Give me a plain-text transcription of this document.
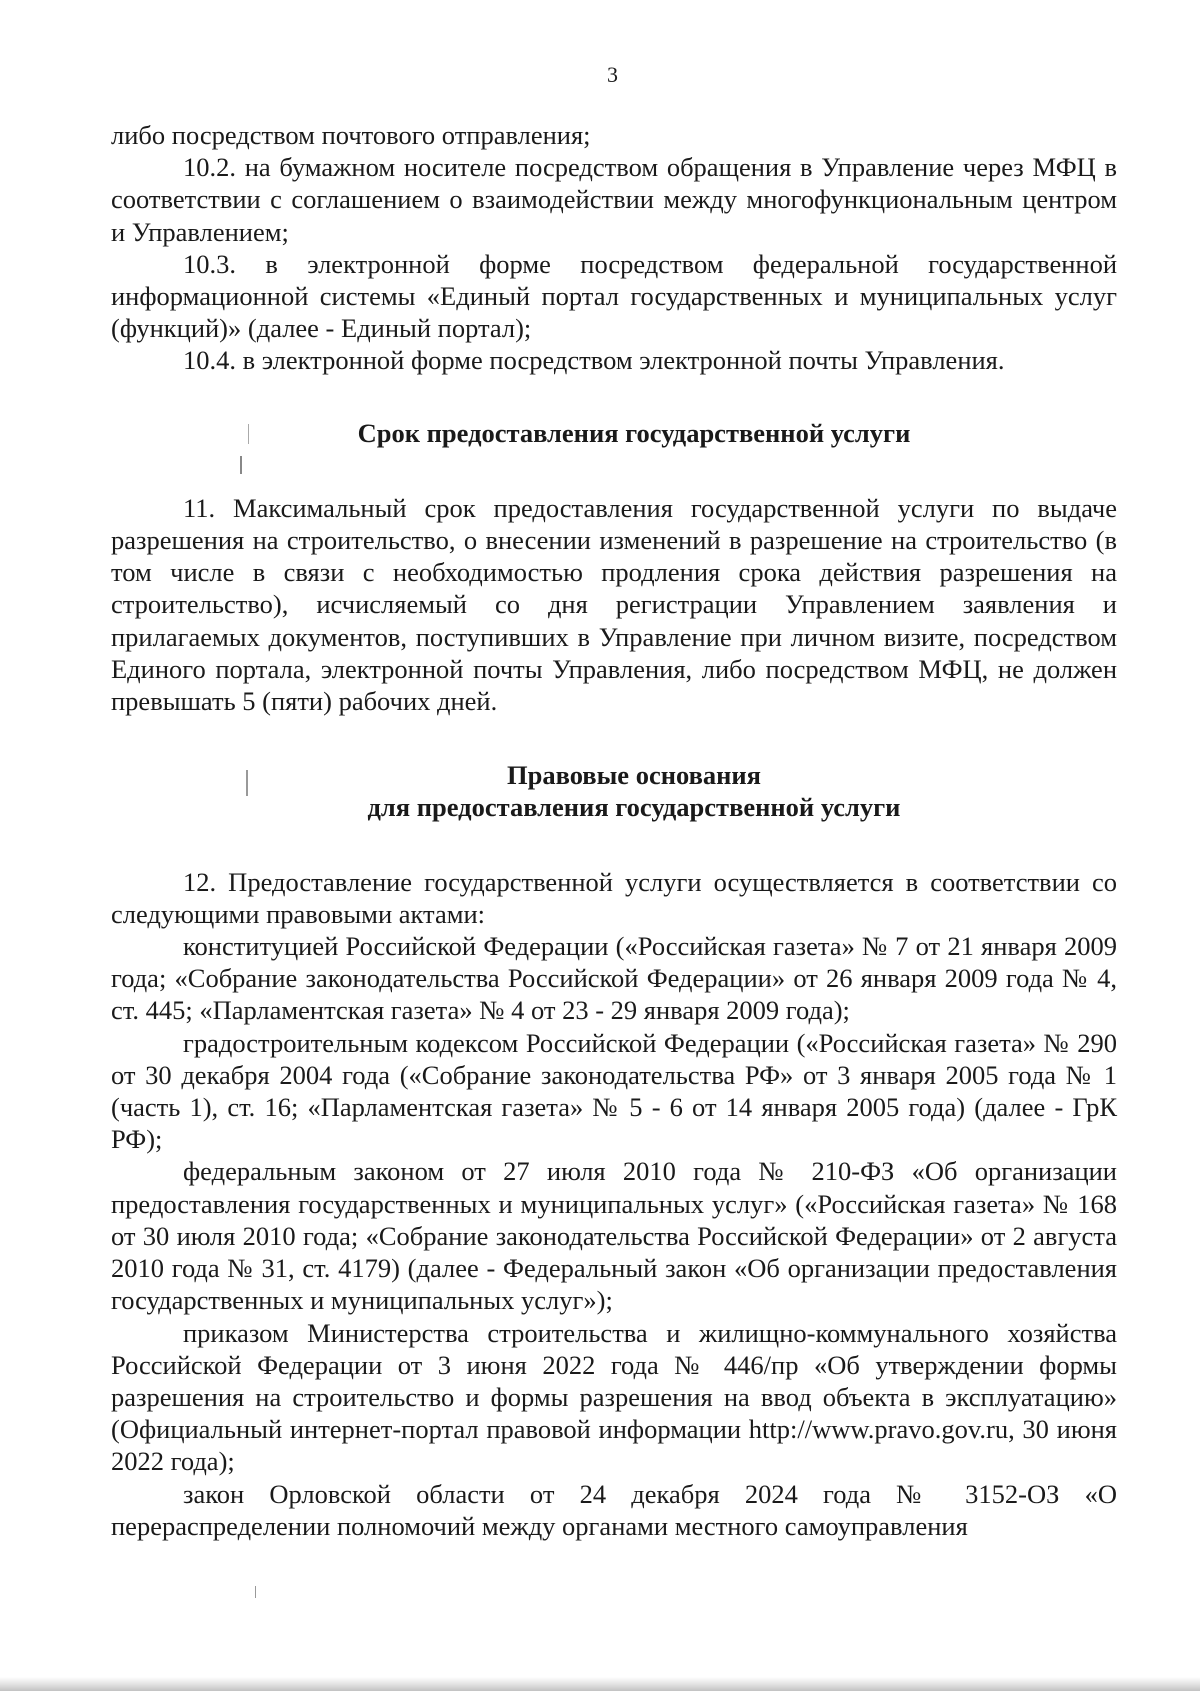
3

либо посредством почтового отправления;

10.2. на бумажном носителе посредством обращения в Управление через МФЦ в соответствии с соглашением о взаимодействии между многофункциональным центром и Управлением;

10.3. в электронной форме посредством федеральной государственной информационной системы «Единый портал государственных и муниципальных услуг (функций)» (далее - Единый портал);

10.4. в электронной форме посредством электронной почты Управления.

Срок предоставления государственной услуги

11. Максимальный срок предоставления государственной услуги по выдаче разрешения на строительство, о внесении изменений в разрешение на строительство (в том числе в связи с необходимостью продления срока действия разрешения на строительство), исчисляемый со дня регистрации Управлением заявления и прилагаемых документов, поступивших в Управление при личном визите, посредством Единого портала, электронной почты Управления, либо посредством МФЦ, не должен превышать 5 (пяти) рабочих дней.

Правовые основания

для предоставления государственной услуги

12. Предоставление государственной услуги осуществляется в соответствии со следующими правовыми актами:

конституцией Российской Федерации («Российская газета» № 7 от 21 января 2009 года; «Собрание законодательства Российской Федерации» от 26 января 2009 года № 4, ст. 445; «Парламентская газета» № 4 от 23 - 29 января 2009 года);

градостроительным кодексом Российской Федерации («Российская газета» № 290 от 30 декабря 2004 года («Собрание законодательства РФ» от 3 января 2005 года № 1 (часть 1), ст. 16; «Парламентская газета» № 5 - 6 от 14 января 2005 года) (далее - ГрК РФ);

федеральным законом от 27 июля 2010 года № 210-ФЗ «Об организации предоставления государственных и муниципальных услуг» («Российская газета» № 168 от 30 июля 2010 года; «Собрание законодательства Российской Федерации» от 2 августа 2010 года № 31, ст. 4179) (далее - Федеральный закон «Об организации предоставления государственных и муниципальных услуг»);

приказом Министерства строительства и жилищно-коммунального хозяйства Российской Федерации от 3 июня 2022 года № 446/пр «Об утверждении формы разрешения на строительство и формы разрешения на ввод объекта в эксплуатацию» (Официальный интернет-портал правовой информации http://www.pravo.gov.ru, 30 июня 2022 года);

закон Орловской области от 24 декабря 2024 года № 3152-ОЗ «О перераспределении полномочий между органами местного самоуправления
